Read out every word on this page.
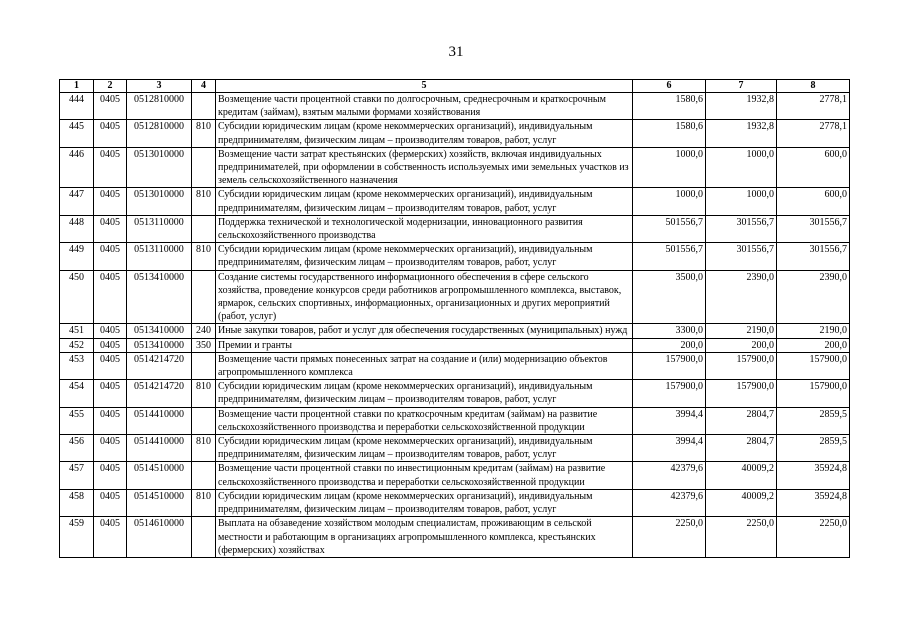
31
1	2	3	4	5	6	7	8
444	0405	0512810000		Возмещение части процентной ставки по долгосрочным, среднесрочным и краткосрочным кредитам (займам), взятым малыми формами хозяйствования	1580,6	1932,8	2778,1
445	0405	0512810000	810	Субсидии юридическим лицам (кроме некоммерческих организаций), индивидуальным предпринимателям, физическим лицам – производителям товаров, работ, услуг	1580,6	1932,8	2778,1
446	0405	0513010000		Возмещение части затрат крестьянских (фермерских) хозяйств, включая индивидуальных предпринимателей, при оформлении в собственность используемых ими земельных участков из земель сельскохозяйственного назначения	1000,0	1000,0	600,0
447	0405	0513010000	810	Субсидии юридическим лицам (кроме некоммерческих организаций), индивидуальным предпринимателям, физическим лицам – производителям товаров, работ, услуг	1000,0	1000,0	600,0
448	0405	0513110000		Поддержка технической и технологической модернизации, инновационного развития сельскохозяйственного производства	501556,7	301556,7	301556,7
449	0405	0513110000	810	Субсидии юридическим лицам (кроме некоммерческих организаций), индивидуальным предпринимателям, физическим лицам – производителям товаров, работ, услуг	501556,7	301556,7	301556,7
450	0405	0513410000		Создание системы государственного информационного обеспечения в сфере сельского хозяйства, проведение конкурсов среди работников агропромышленного комплекса, выставок, ярмарок, сельских спортивных, информационных, организационных и других мероприятий (работ, услуг)	3500,0	2390,0	2390,0
451	0405	0513410000	240	Иные закупки товаров, работ и услуг для обеспечения государственных (муниципальных) нужд	3300,0	2190,0	2190,0
452	0405	0513410000	350	Премии и гранты	200,0	200,0	200,0
453	0405	0514214720		Возмещение части прямых понесенных затрат на создание и (или) модернизацию объектов агропромышленного комплекса	157900,0	157900,0	157900,0
454	0405	0514214720	810	Субсидии юридическим лицам (кроме некоммерческих организаций), индивидуальным предпринимателям, физическим лицам – производителям товаров, работ, услуг	157900,0	157900,0	157900,0
455	0405	0514410000		Возмещение части процентной ставки по краткосрочным кредитам (займам) на развитие сельскохозяйственного производства и переработки сельскохозяйственной продукции	3994,4	2804,7	2859,5
456	0405	0514410000	810	Субсидии юридическим лицам (кроме некоммерческих организаций), индивидуальным предпринимателям, физическим лицам – производителям товаров, работ, услуг	3994,4	2804,7	2859,5
457	0405	0514510000		Возмещение части процентной ставки по инвестиционным кредитам (займам) на развитие сельскохозяйственного производства и переработки сельскохозяйственной продукции	42379,6	40009,2	35924,8
458	0405	0514510000	810	Субсидии юридическим лицам (кроме некоммерческих организаций), индивидуальным предпринимателям, физическим лицам – производителям товаров, работ, услуг	42379,6	40009,2	35924,8
459	0405	0514610000		Выплата на обзаведение хозяйством молодым специалистам, проживающим в сельской местности и работающим в организациях агропромышленного комплекса, крестьянских (фермерских) хозяйствах	2250,0	2250,0	2250,0
